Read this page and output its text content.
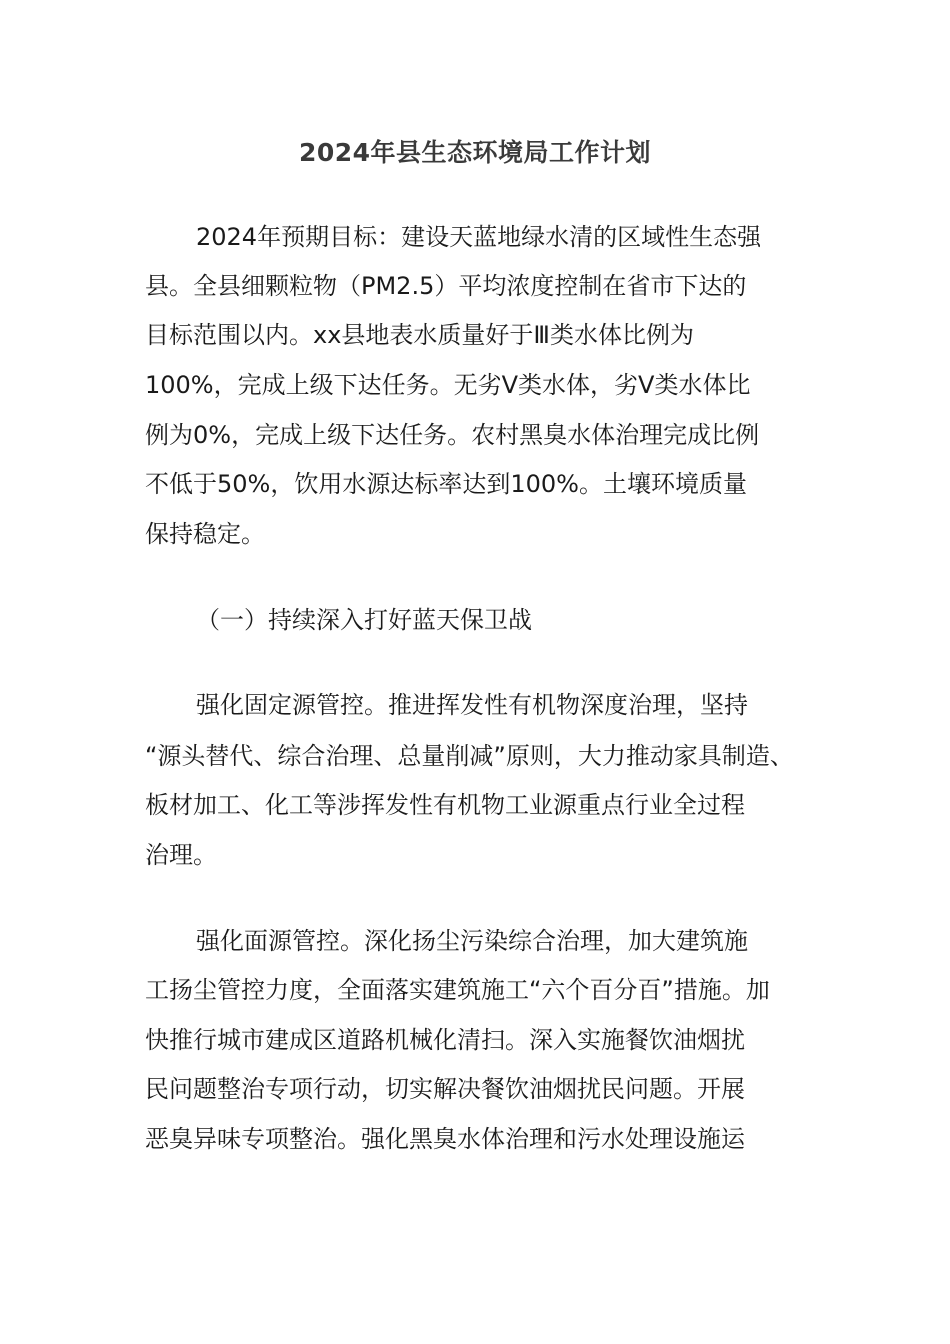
2024年县生态环境局工作计划
2024年预期目标：建设天蓝地绿水清的区域性生态强
县。全县细颗粒物（PM2.5）平均浓度控制在省市下达的
目标范围以内。xx县地表水质量好于Ⅲ类水体比例为
100%，完成上级下达任务。无劣Ⅴ类水体，劣Ⅴ类水体比
例为0%，完成上级下达任务。农村黑臭水体治理完成比例
不低于50%，饮用水源达标率达到100%。土壤环境质量
保持稳定。
（一）持续深入打好蓝天保卫战
强化固定源管控。推进挥发性有机物深度治理，坚持
“源头替代、综合治理、总量削减”原则，大力推动家具制造、
板材加工、化工等涉挥发性有机物工业源重点行业全过程
治理。
强化面源管控。深化扬尘污染综合治理，加大建筑施
工扬尘管控力度，全面落实建筑施工“六个百分百”措施。加
快推行城市建成区道路机械化清扫。深入实施餐饮油烟扰
民问题整治专项行动，切实解决餐饮油烟扰民问题。开展
恶臭异味专项整治。强化黑臭水体治理和污水处理设施运
